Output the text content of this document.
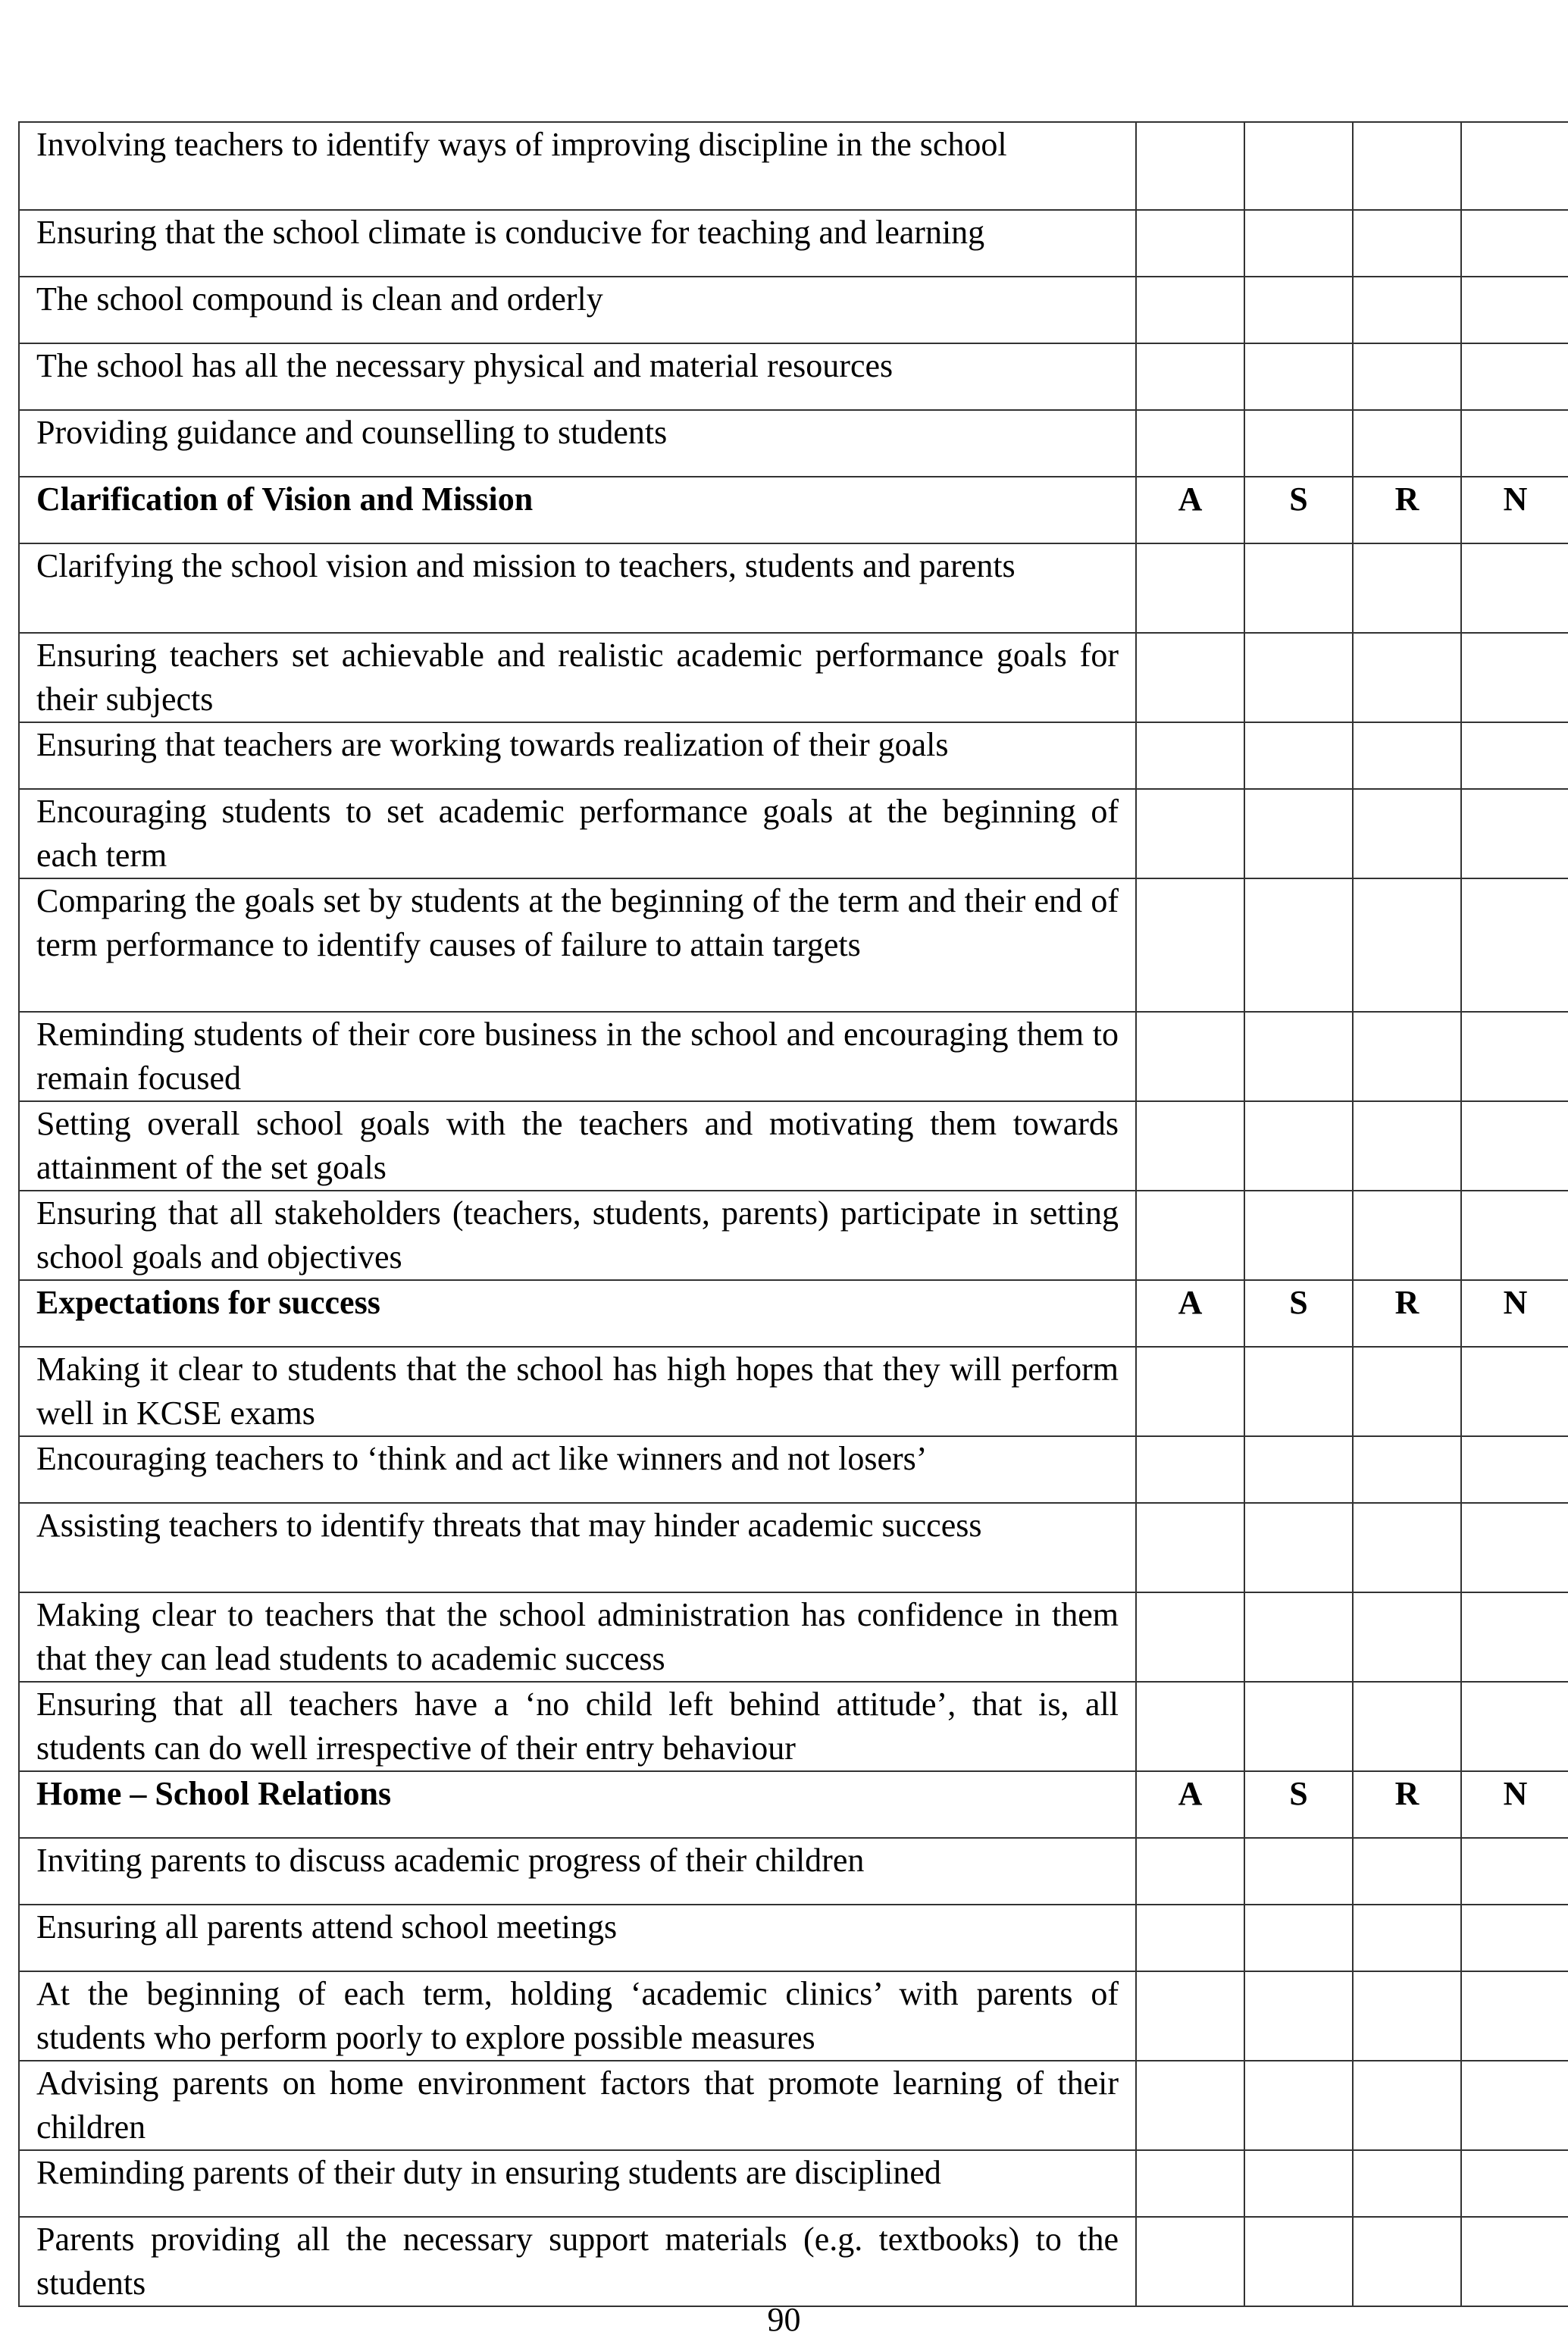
Involving teachers to identify ways of improving discipline in the school				
Ensuring that the school climate is conducive for teaching and learning				
The school compound is clean and orderly				
The school has all the necessary physical and material resources				
Providing guidance and counselling to students				
Clarification of Vision and Mission	A	S	R	N

Clarifying the school vision and mission to teachers, students and parents				
Ensuring teachers set achievable and realistic academic performance goals for their subjects				
Ensuring that teachers are working towards realization of their goals				
Encouraging students to set academic performance goals at the beginning of each term				
Comparing the goals set by students at the beginning of the term and their end of term performance to identify causes of failure to attain targets				
Reminding students of their core business in the school and encouraging them to remain focused				
Setting overall school goals with the teachers and motivating them towards attainment of the set goals				
Ensuring that all stakeholders (teachers, students, parents) participate in setting school goals and objectives				
Expectations for success	A	S	R	N

Making it clear to students that the school has high hopes that they will perform well in KCSE exams				
Encouraging teachers to ‘think and act like winners and not losers’				
Assisting teachers to identify threats that may hinder academic success				
Making clear to teachers that the school administration has confidence in them that they can lead students to academic success				
Ensuring that all teachers have a ‘no child left behind attitude’, that is, all students can do well irrespective of their entry behaviour				
Home – School Relations	A	S	R	N

Inviting parents to discuss academic progress of their children				
Ensuring all parents attend school meetings				
At the beginning of each term, holding ‘academic clinics’ with parents of students who perform poorly to explore possible measures				
Advising parents on home environment factors that promote learning of their children				
Reminding parents of their duty in ensuring students are disciplined				
Parents providing all the necessary support materials (e.g. textbooks) to the students				
90
